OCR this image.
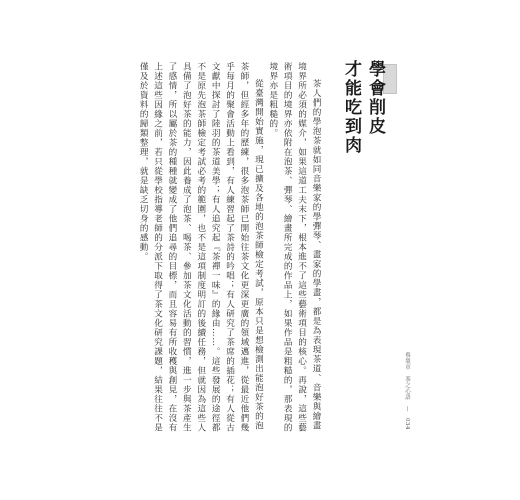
學會削皮
才能吃到肉

茶人們的學泡茶就如同音樂家的學彈琴、畫家的學畫，都是為表現茶道、音樂與繪畫境界所必須的媒介，如果這道工夫末下，根本進不了這些藝術項目的核心。再說，這些藝術項目的境界亦依附在泡茶、彈琴、繪畫所完成的作品上，如果作品是粗糙的，那表現的境界亦是粗糙的。

從臺灣開始實施，現已擴及各地的泡茶師檢定考試，原本只是想檢測出能泡好茶的泡茶師，但經多年的歷練，很多泡茶師已開始往茶文化更深更廣的領域邁進，從最近他們幾乎每月的聚會活動上看到，有人練習起了茶詩的吟唱；有人研究了茶席的插花；有人從古文獻中探討了陸羽的茶道美學；有人追究起『茶禪一味』的緣由……。這些發展的途徑都不是原先泡茶師檢定考試必考的範圍，也不是這項制度明訂的後續任務，但就因為這些人具備了泡好茶的能力，因此養成了泡茶、喝茶、參加茶文化活動的習慣，進一步與茶產生了感情，所以屬於茶的種種就變成了他們追尋的目標，而且容易有所收穫與創見，在沒有上述這些因緣之前，若只從學校指導老師的分派下取得了茶文化研究課題，結果往往不是僅及於資料的歸類整理，就是缺乏切身的感動。

蔡榮章　茶之心語　—　034
